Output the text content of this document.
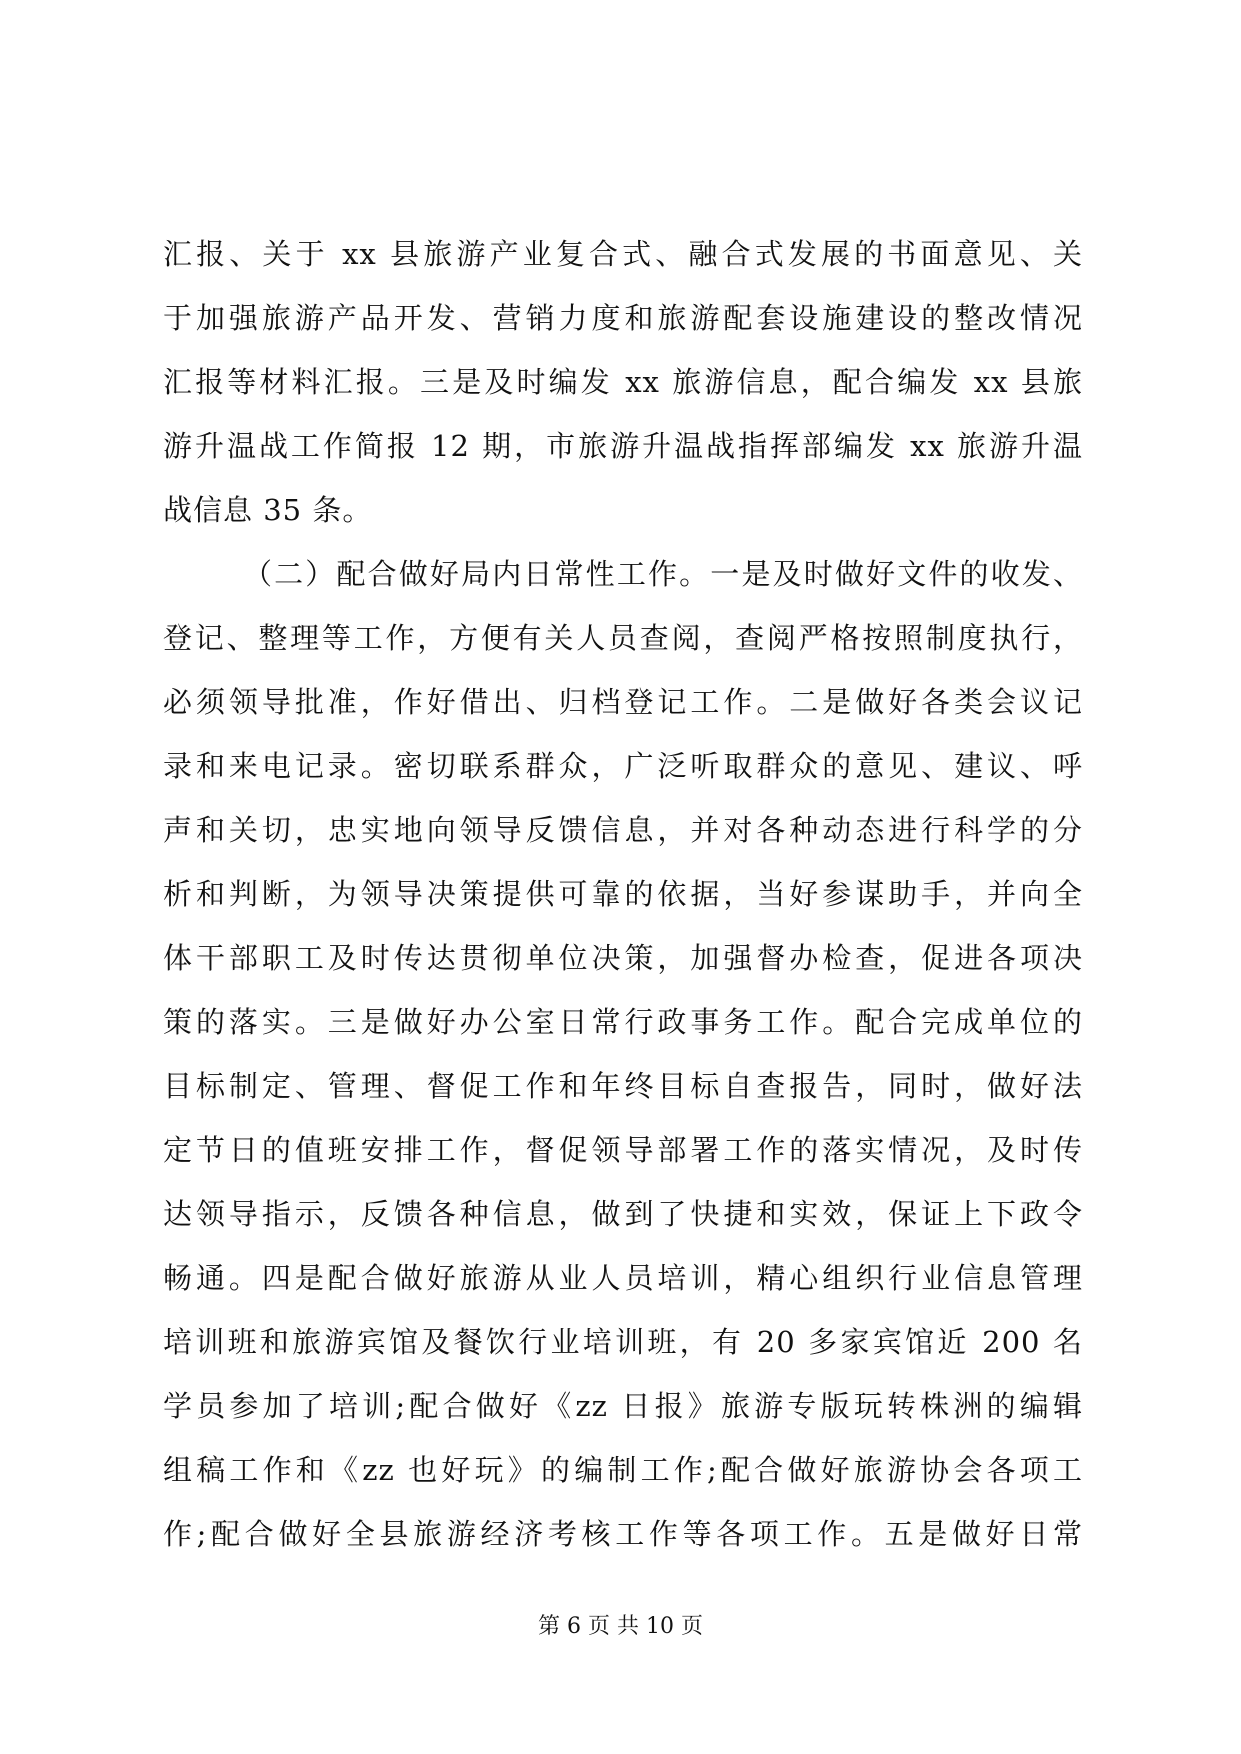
汇报、关于 xx 县旅游产业复合式、融合式发展的书面意见、关
于加强旅游产品开发、营销力度和旅游配套设施建设的整改情况
汇报等材料汇报。三是及时编发 xx 旅游信息，配合编发 xx 县旅
游升温战工作简报 12 期，市旅游升温战指挥部编发 xx 旅游升温
战信息 35 条。
（二）配合做好局内日常性工作。一是及时做好文件的收发、
登记、整理等工作，方便有关人员查阅，查阅严格按照制度执行，
必须领导批准，作好借出、归档登记工作。二是做好各类会议记
录和来电记录。密切联系群众，广泛听取群众的意见、建议、呼
声和关切，忠实地向领导反馈信息，并对各种动态进行科学的分
析和判断，为领导决策提供可靠的依据，当好参谋助手，并向全
体干部职工及时传达贯彻单位决策，加强督办检查，促进各项决
策的落实。三是做好办公室日常行政事务工作。配合完成单位的
目标制定、管理、督促工作和年终目标自查报告，同时，做好法
定节日的值班安排工作，督促领导部署工作的落实情况，及时传
达领导指示，反馈各种信息，做到了快捷和实效，保证上下政令
畅通。四是配合做好旅游从业人员培训，精心组织行业信息管理
培训班和旅游宾馆及餐饮行业培训班，有 20 多家宾馆近 200 名
学员参加了培训;配合做好《zz 日报》旅游专版玩转株洲的编辑
组稿工作和《zz 也好玩》的编制工作;配合做好旅游协会各项工
作;配合做好全县旅游经济考核工作等各项工作。五是做好日常
第 6 页 共 10 页
